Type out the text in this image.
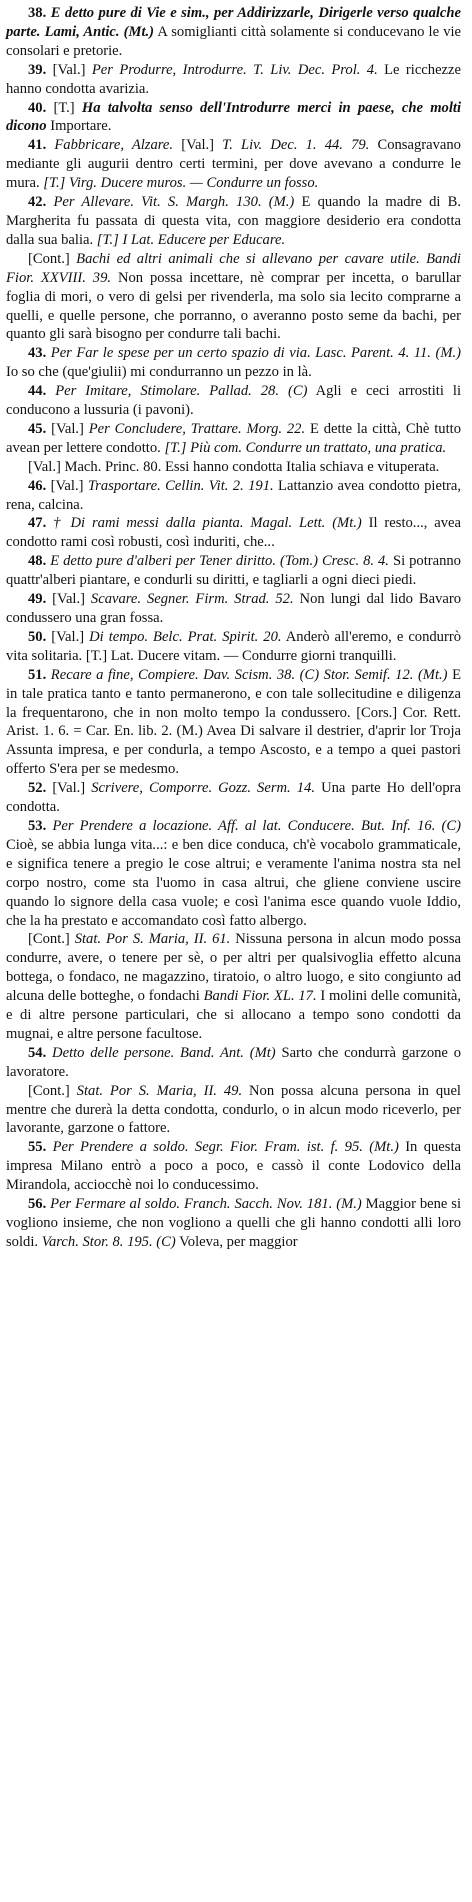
38. E detto pure di Vie e sim., per Addirizzarle, Dirigerle verso qualche parte. Lami, Antic. (Mt.) A somiglianti città solamente si conducevano le vie consolari e pretorie.

39. [Val.] Per Produrre, Introdurre. T. Liv. Dec. Prol. 4. Le ricchezze hanno condotta avarizia.

40. [T.] Ha talvolta senso dell'Introdurre merci in paese, che molti dicono Importare.

41. Fabbricare, Alzare. [Val.] T. Liv. Dec. 1. 44. 79. Consagravano mediante gli augurii dentro certi termini, per dove avevano a condurre le mura. [T.] Virg. Ducere muros. — Condurre un fosso.

42. Per Allevare. Vit. S. Margh. 130. (M.) E quando la madre di B. Margherita fu passata di questa vita, con maggiore desiderio era condotta dalla sua balia. [T.] I Lat. Educere per Educare.

[Cont.] Bachi ed altri animali che si allevano per cavare utile. Bandi Fior. XXVIII. 39. Non possa incettare, nè comprar per incetta, o barullar foglia di mori, o vero di gelsi per rivenderla, ma solo sia lecito comprarne a quelli, e quelle persone, che porranno, o averanno posto seme da bachi, per quanto gli sarà bisogno per condurre tali bachi.

43. Per Far le spese per un certo spazio di via. Lasc. Parent. 4. 11. (M.) Io so che (que'giulii) mi condurranno un pezzo in là.

44. Per Imitare, Stimolare. Pallad. 28. (C) Agli e ceci arrostiti li conducono a lussuria (i pavoni).

45. [Val.] Per Concludere, Trattare. Morg. 22. E dette la città, Chè tutto avean per lettere condotto. [T.] Più com. Condurre un trattato, una pratica.

[Val.] Mach. Princ. 80. Essi hanno condotta Italia schiava e vituperata.

46. [Val.] Trasportare. Cellin. Vit. 2. 191. Lattanzio avea condotto pietra, rena, calcina.

47. † Di rami messi dalla pianta. Magal. Lett. (Mt.) Il resto..., avea condotto rami così robusti, così induriti, che...

48. E detto pure d'alberi per Tener diritto. (Tom.) Cresc. 8. 4. Si potranno quattr'alberi piantare, e condurli su diritti, e tagliarli a ogni dieci piedi.

49. [Val.] Scavare. Segner. Firm. Strad. 52. Non lungi dal lido Bavaro condussero una gran fossa.

50. [Val.] Di tempo. Belc. Prat. Spirit. 20. Anderò all'eremo, e condurrò vita solitaria. [T.] Lat. Ducere vitam. — Condurre giorni tranquilli.

51. Recare a fine, Compiere. Dav. Scism. 38. (C) Stor. Semif. 12. (Mt.) E in tale pratica tanto e tanto permanerono, e con tale sollecitudine e diligenza la frequentarono, che in non molto tempo la condussero. [Cors.] Cor. Rett. Arist. 1. 6. = Car. En. lib. 2. (M.) Avea Di salvare il destrier, d'aprir lor Troja Assunta impresa, e per condurla, a tempo Ascosto, e a tempo a quei pastori offerto S'era per se medesmo.

52. [Val.] Scrivere, Comporre. Gozz. Serm. 14. Una parte Ho dell'opra condotta.

53. Per Prendere a locazione. Aff. al lat. Conducere. But. Inf. 16. (C) Cioè, se abbia lunga vita...: e ben dice conduca, ch'è vocabolo grammaticale, e significa tenere a pregio le cose altrui; e veramente l'anima nostra sta nel corpo nostro, come sta l'uomo in casa altrui, che gliene conviene uscire quando lo signore della casa vuole; e così l'anima esce quando vuole Iddio, che la ha prestato e accomandato così fatto albergo.

[Cont.] Stat. Por S. Maria, II. 61. Nissuna persona in alcun modo possa condurre, avere, o tenere per sè, o per altri per qualsivoglia effetto alcuna bottega, o fondaco, ne magazzino, tiratoio, o altro luogo, e sito congiunto ad alcuna delle botteghe, o fondachi Bandi Fior. XL. 17. I molini delle comunità, e di altre persone particulari, che si allocano a tempo sono condotti da mugnai, e altre persone facultose.

54. Detto delle persone. Band. Ant. (Mt) Sarto che condurrà garzone o lavoratore.

[Cont.] Stat. Por S. Maria, II. 49. Non possa alcuna persona in quel mentre che durerà la detta condotta, condurlo, o in alcun modo riceverlo, per lavorante, garzone o fattore.

55. Per Prendere a soldo. Segr. Fior. Fram. ist. f. 95. (Mt.) In questa impresa Milano entrò a poco a poco, e cassò il conte Lodovico della Mirandola, acciocchè noi lo conducessimo.

56. Per Fermare al soldo. Franch. Sacch. Nov. 181. (M.) Maggior bene si vogliono insieme, che non vogliono a quelli che gli hanno condotti alli loro soldi. Varch. Stor. 8. 195. (C) Voleva, per maggior
